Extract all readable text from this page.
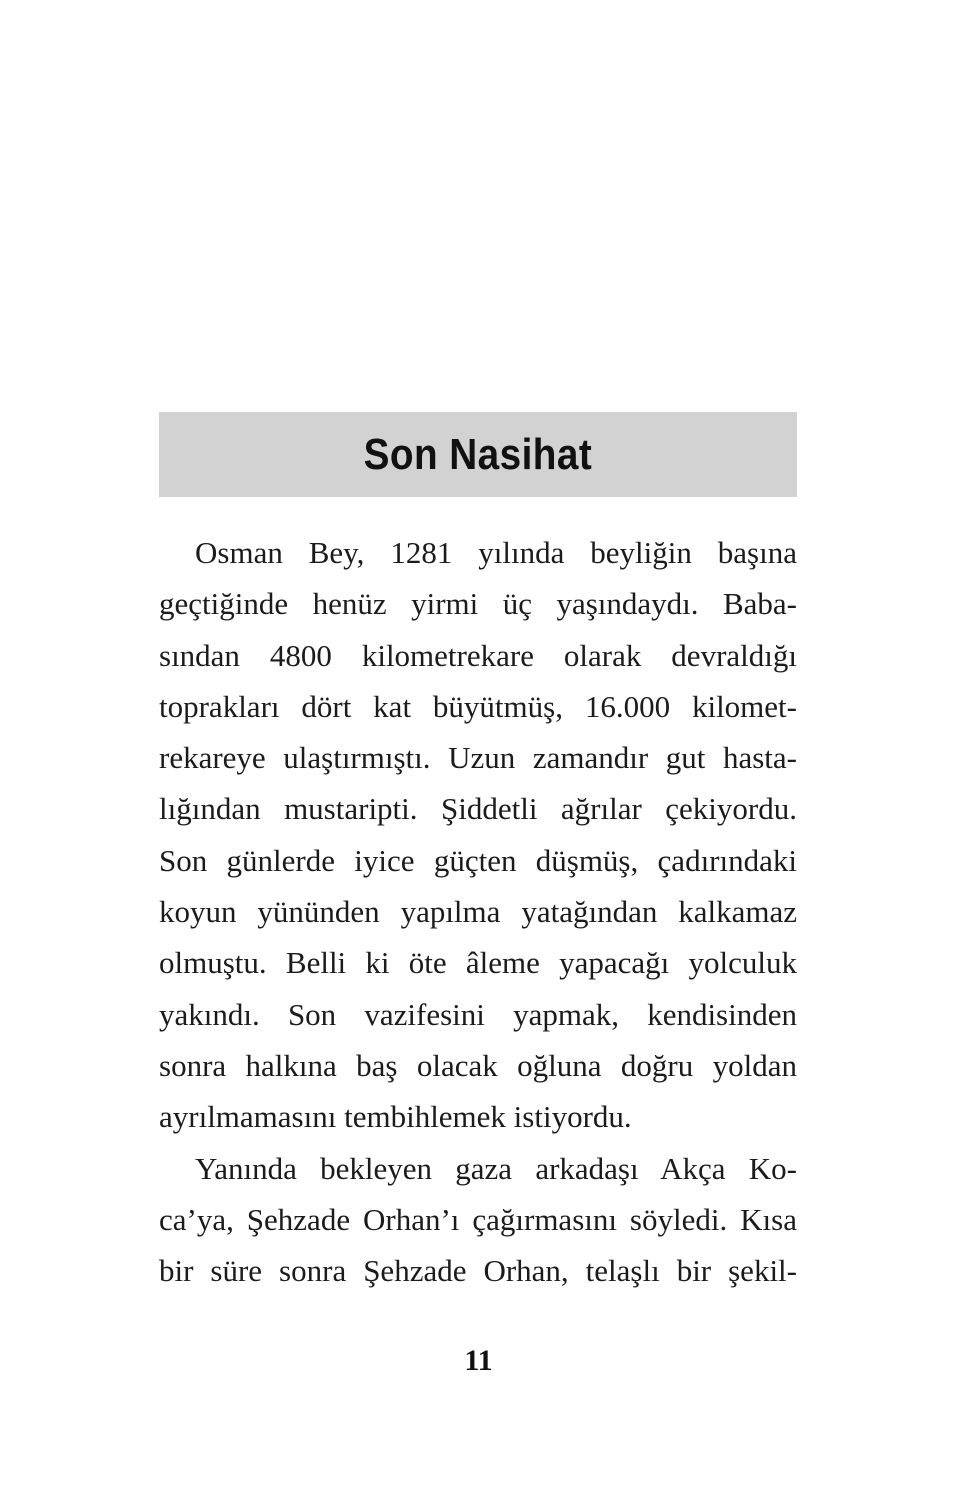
Son Nasihat
Osman Bey, 1281 yılında beyliğin başına
geçtiğinde henüz yirmi üç yaşındaydı. Baba-
sından 4800 kilometrekare olarak devraldığı
toprakları dört kat büyütmüş, 16.000 kilomet-
rekareye ulaştırmıştı. Uzun zamandır gut hasta-
lığından mustaripti. Şiddetli ağrılar çekiyordu.
Son günlerde iyice güçten düşmüş, çadırındaki
koyun yününden yapılma yatağından kalkamaz
olmuştu. Belli ki öte âleme yapacağı yolculuk
yakındı. Son vazifesini yapmak, kendisinden
sonra halkına baş olacak oğluna doğru yoldan
ayrılmamasını tembihlemek istiyordu.
Yanında bekleyen gaza arkadaşı Akça Ko-
ca’ya, Şehzade Orhan’ı çağırmasını söyledi. Kısa
bir süre sonra Şehzade Orhan, telaşlı bir şekil-
11
